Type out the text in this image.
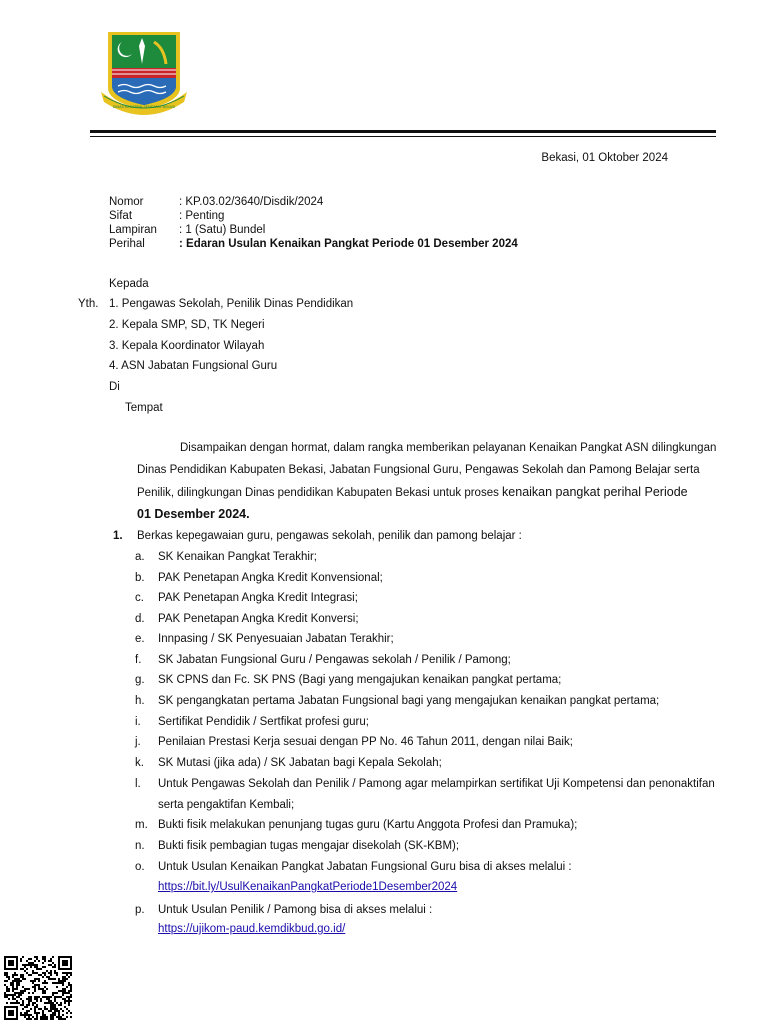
DINAS KESATRIA SENDANG BEKASI
Bekasi, 01 Oktober 2024
Nomor	: KP.03.02/3640/Disdik/2024
Sifat	: Penting
Lampiran	: 1 (Satu) Bundel
Perihal	: Edaran Usulan Kenaikan Pangkat Periode 01 Desember 2024
Kepada
Yth. 1. Pengawas Sekolah, Penilik Dinas Pendidikan
2. Kepala SMP, SD, TK Negeri
3. Kepala Koordinator Wilayah
4. ASN Jabatan Fungsional Guru
Di
Tempat
Disampaikan dengan hormat, dalam rangka memberikan pelayanan Kenaikan Pangkat ASN dilingkungan
Dinas Pendidikan Kabupaten Bekasi, Jabatan Fungsional Guru, Pengawas Sekolah dan Pamong Belajar serta
Penilik, dilingkungan Dinas pendidikan Kabupaten Bekasi untuk proses kenaikan pangkat perihal Periode
01 Desember 2024.
1. Berkas kepegawaian guru, pengawas sekolah, penilik dan pamong belajar :
a.	SK Kenaikan Pangkat Terakhir;
b.	PAK Penetapan Angka Kredit Konvensional;
c.	PAK Penetapan Angka Kredit Integrasi;
d.	PAK Penetapan Angka Kredit Konversi;
e.	Innpasing / SK Penyesuaian Jabatan Terakhir;
f.	SK Jabatan Fungsional Guru / Pengawas sekolah / Penilik / Pamong;
g.	SK CPNS dan Fc. SK PNS (Bagi yang mengajukan kenaikan pangkat pertama;
h.	SK pengangkatan pertama Jabatan Fungsional bagi yang mengajukan kenaikan pangkat pertama;
i.	Sertifikat Pendidik / Sertfikat profesi guru;
j.	Penilaian Prestasi Kerja sesuai dengan PP No. 46 Tahun 2011, dengan nilai Baik;
k.	SK Mutasi (jika ada) / SK Jabatan bagi Kepala Sekolah;
l.	Untuk Pengawas Sekolah dan Penilik / Pamong agar melampirkan sertifikat Uji Kompetensi dan penonaktifan
serta pengaktifan Kembali;
m. Bukti fisik melakukan penunjang tugas guru (Kartu Anggota Profesi dan Pramuka);
n.	Bukti fisik pembagian tugas mengajar disekolah (SK-KBM);
o.	Untuk Usulan Kenaikan Pangkat Jabatan Fungsional Guru bisa di akses melalui :
https://bit.ly/UsulKenaikanPangkatPeriode1Desember2024
p.	Untuk Usulan Penilik / Pamong bisa di akses melalui :
https://ujikom-paud.kemdikbud.go.id/
